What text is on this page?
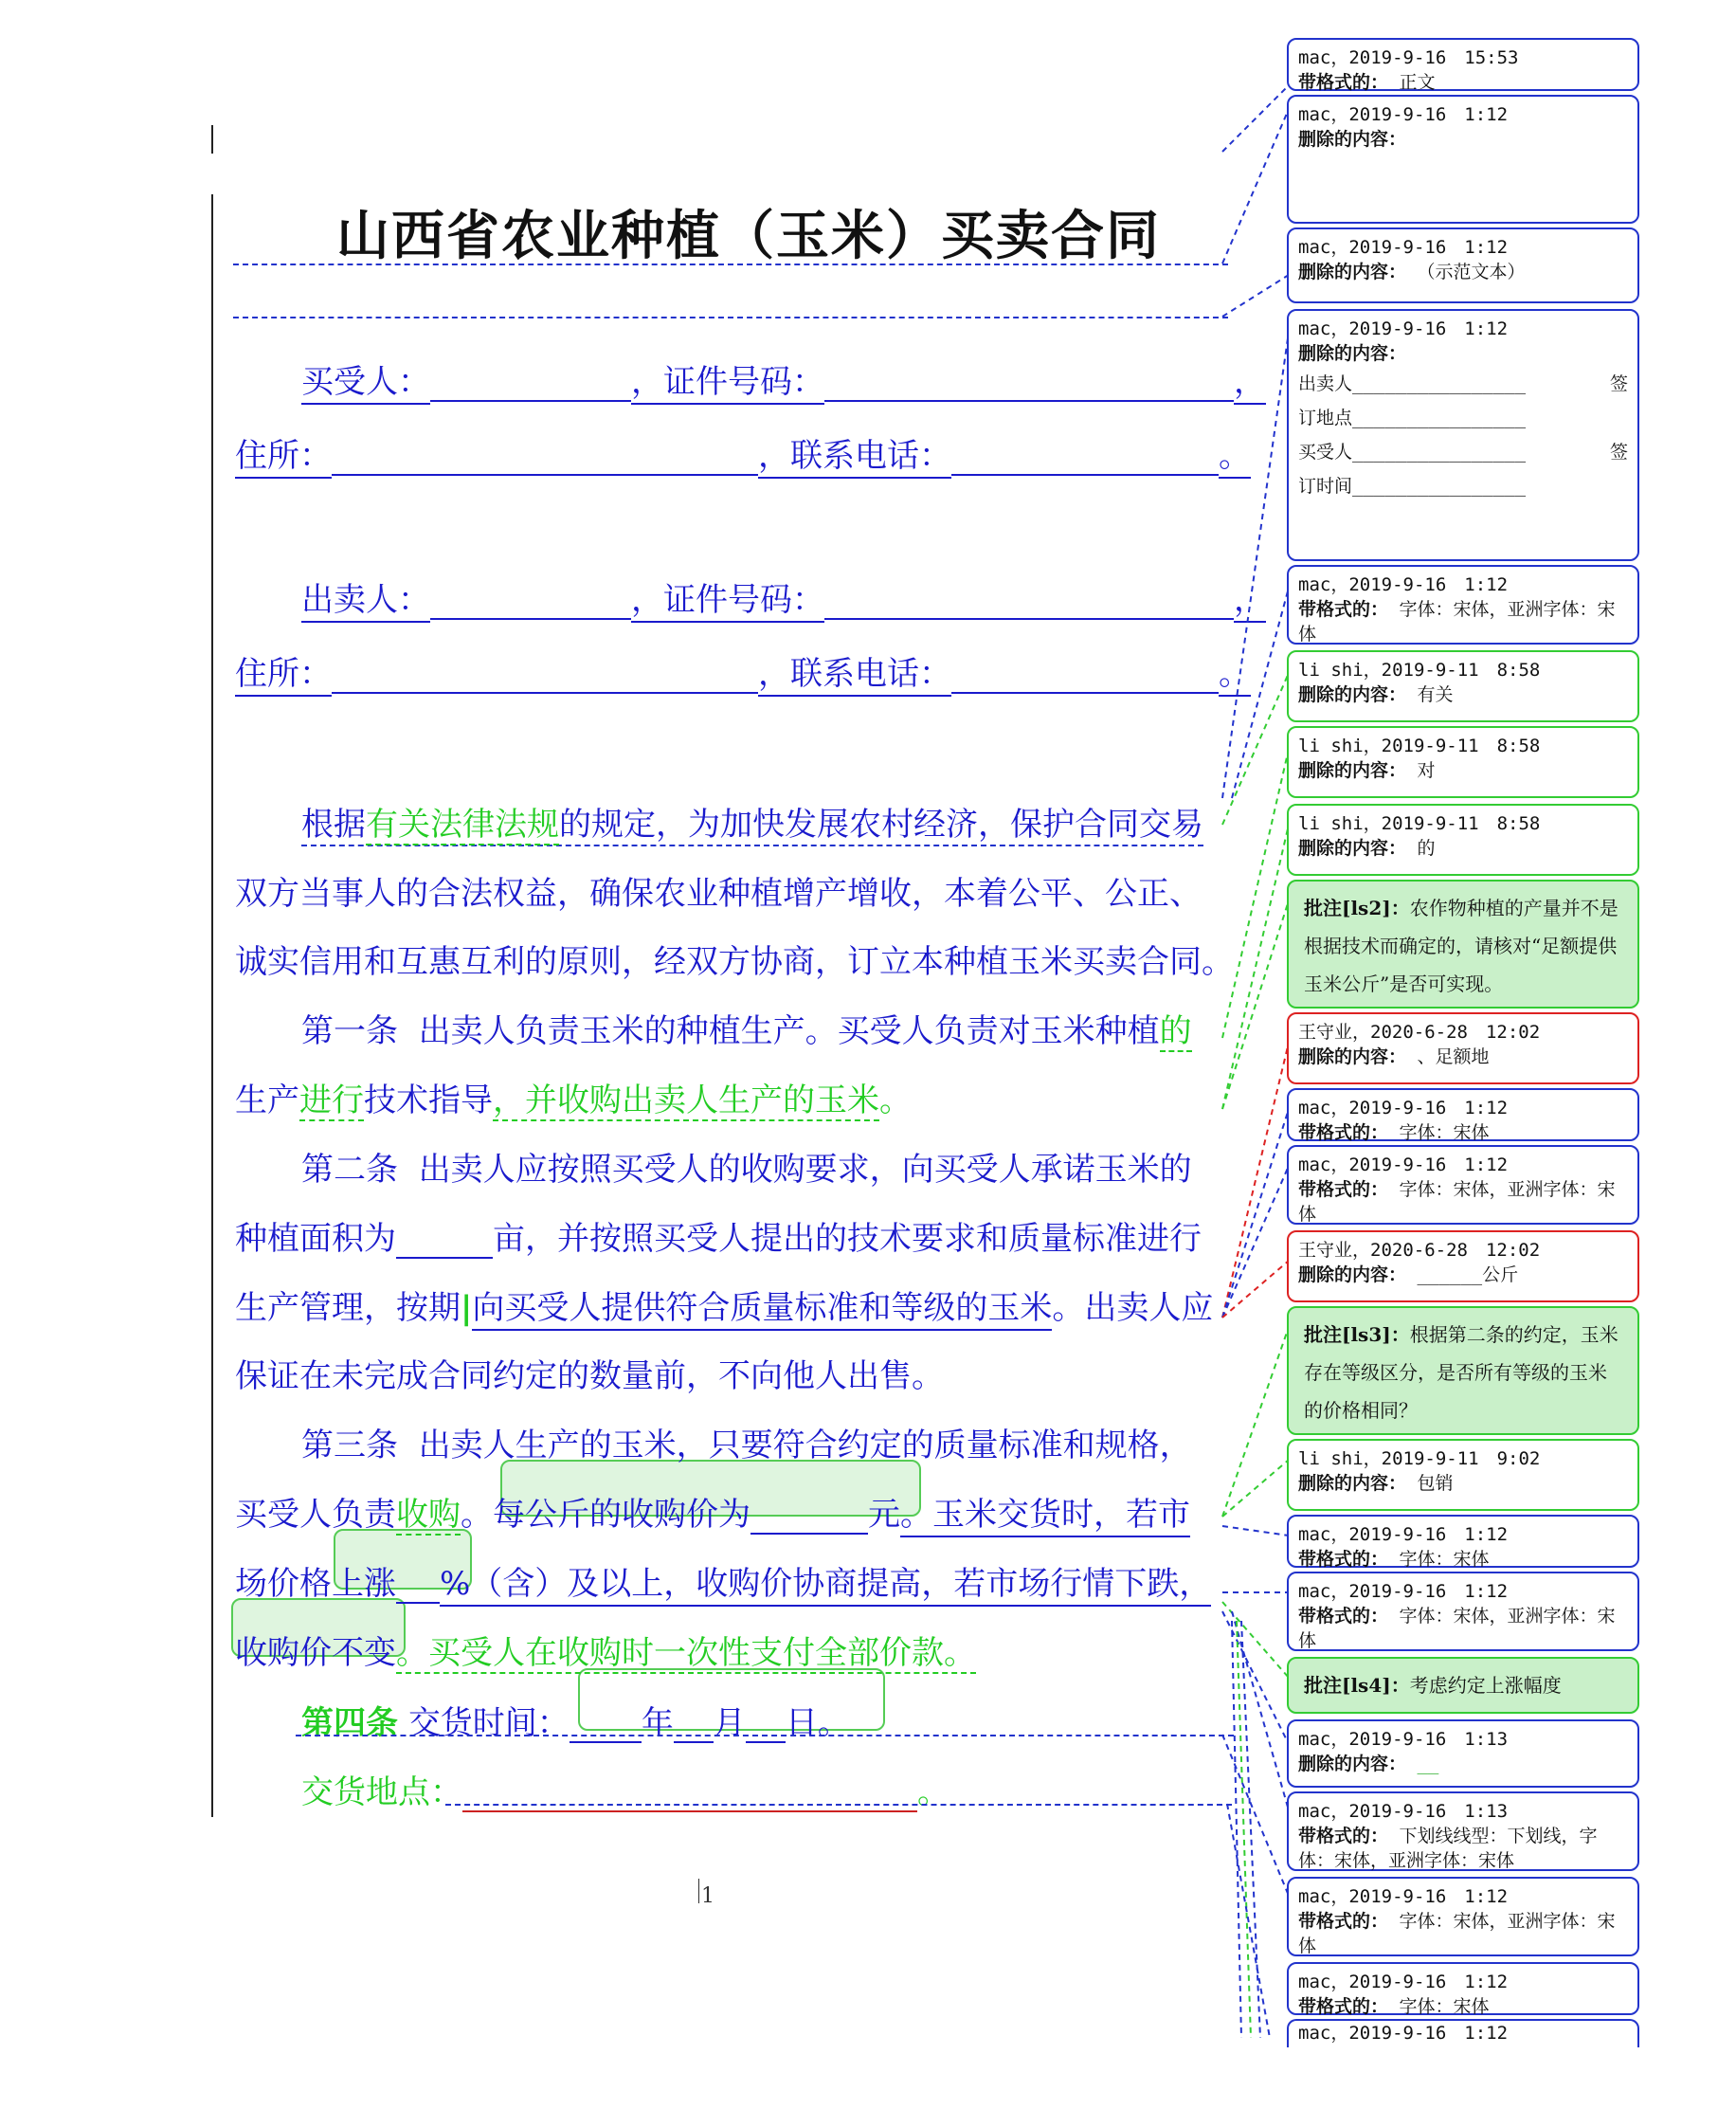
山西省农业种植（玉米）买卖合同
买受人：	，证件号码：	，
住所：	，联系电话：	。
出卖人：	，证件号码：	，
住所：	，联系电话：	。
根据有关法律法规的规定，为加快发展农村经济，保护合同交易
双方当事人的合法权益，确保农业种植增产增收，本着公平、公正、
诚实信用和互惠互利的原则，经双方协商，订立本种植玉米买卖合同。
第一条 出卖人负责玉米的种植生产。买受人负责对玉米种植的
生产进行技术指导，并收购出卖人生产的玉米。
第二条 出卖人应按照买受人的收购要求，向买受人承诺玉米的
种植面积为	亩，并按照买受人提出的技术要求和质量标准进行
生产管理，按期|向买受人提供符合质量标准和等级的玉米。出卖人应
保证在未完成合同约定的数量前，不向他人出售。
第三条 出卖人生产的玉米，只要符合约定的质量标准和规格，
买受人负责收购。每公斤的收购价为	元。玉米交货时，若市
场价格上涨 %（含）及以上，收购价协商提高，若市场行情下跌，
收购价不变。买受人在收购时一次性支付全部价款。
第四条 交货时间： 年 月 日。
交货地点：	。
1
mac，2019-9-16　15:53
带格式的： 正文
mac，2019-9-16　1:12
删除的内容：
mac，2019-9-16　1:12
删除的内容： （示范文本）
mac，2019-9-16　1:12
删除的内容：
出卖人________________	签
订地点________________
买受人________________	签
订时间________________
mac，2019-9-16　1:12
带格式的： 字体：宋体，亚洲字体：宋体
li shi，2019-9-11　8:58
删除的内容： 有关
li shi，2019-9-11　8:58
删除的内容： 对
li shi，2019-9-11　8:58
删除的内容： 的
批注[ls2]：农作物种植的产量并不是根据技术而确定的，请核对“足额提供玉米公斤”是否可实现。
王守业，2020-6-28　12:02
删除的内容： 、足额地
mac，2019-9-16　1:12
带格式的： 字体：宋体
mac，2019-9-16　1:12
带格式的： 字体：宋体，亚洲字体：宋体
王守业，2020-6-28　12:02
删除的内容： ______公斤
批注[ls3]：根据第二条的约定，玉米存在等级区分，是否所有等级的玉米的价格相同？
li shi，2019-9-11　9:02
删除的内容： 包销
mac，2019-9-16　1:12
带格式的： 字体：宋体
mac，2019-9-16　1:12
带格式的： 字体：宋体，亚洲字体：宋体
批注[ls4]：考虑约定上涨幅度
mac，2019-9-16　1:13
删除的内容： __
mac，2019-9-16　1:13
带格式的： 下划线线型：下划线，字体：宋体，亚洲字体：宋体
mac，2019-9-16　1:12
带格式的： 字体：宋体，亚洲字体：宋体
mac，2019-9-16　1:12
带格式的： 字体：宋体
mac，2019-9-16　1:12
